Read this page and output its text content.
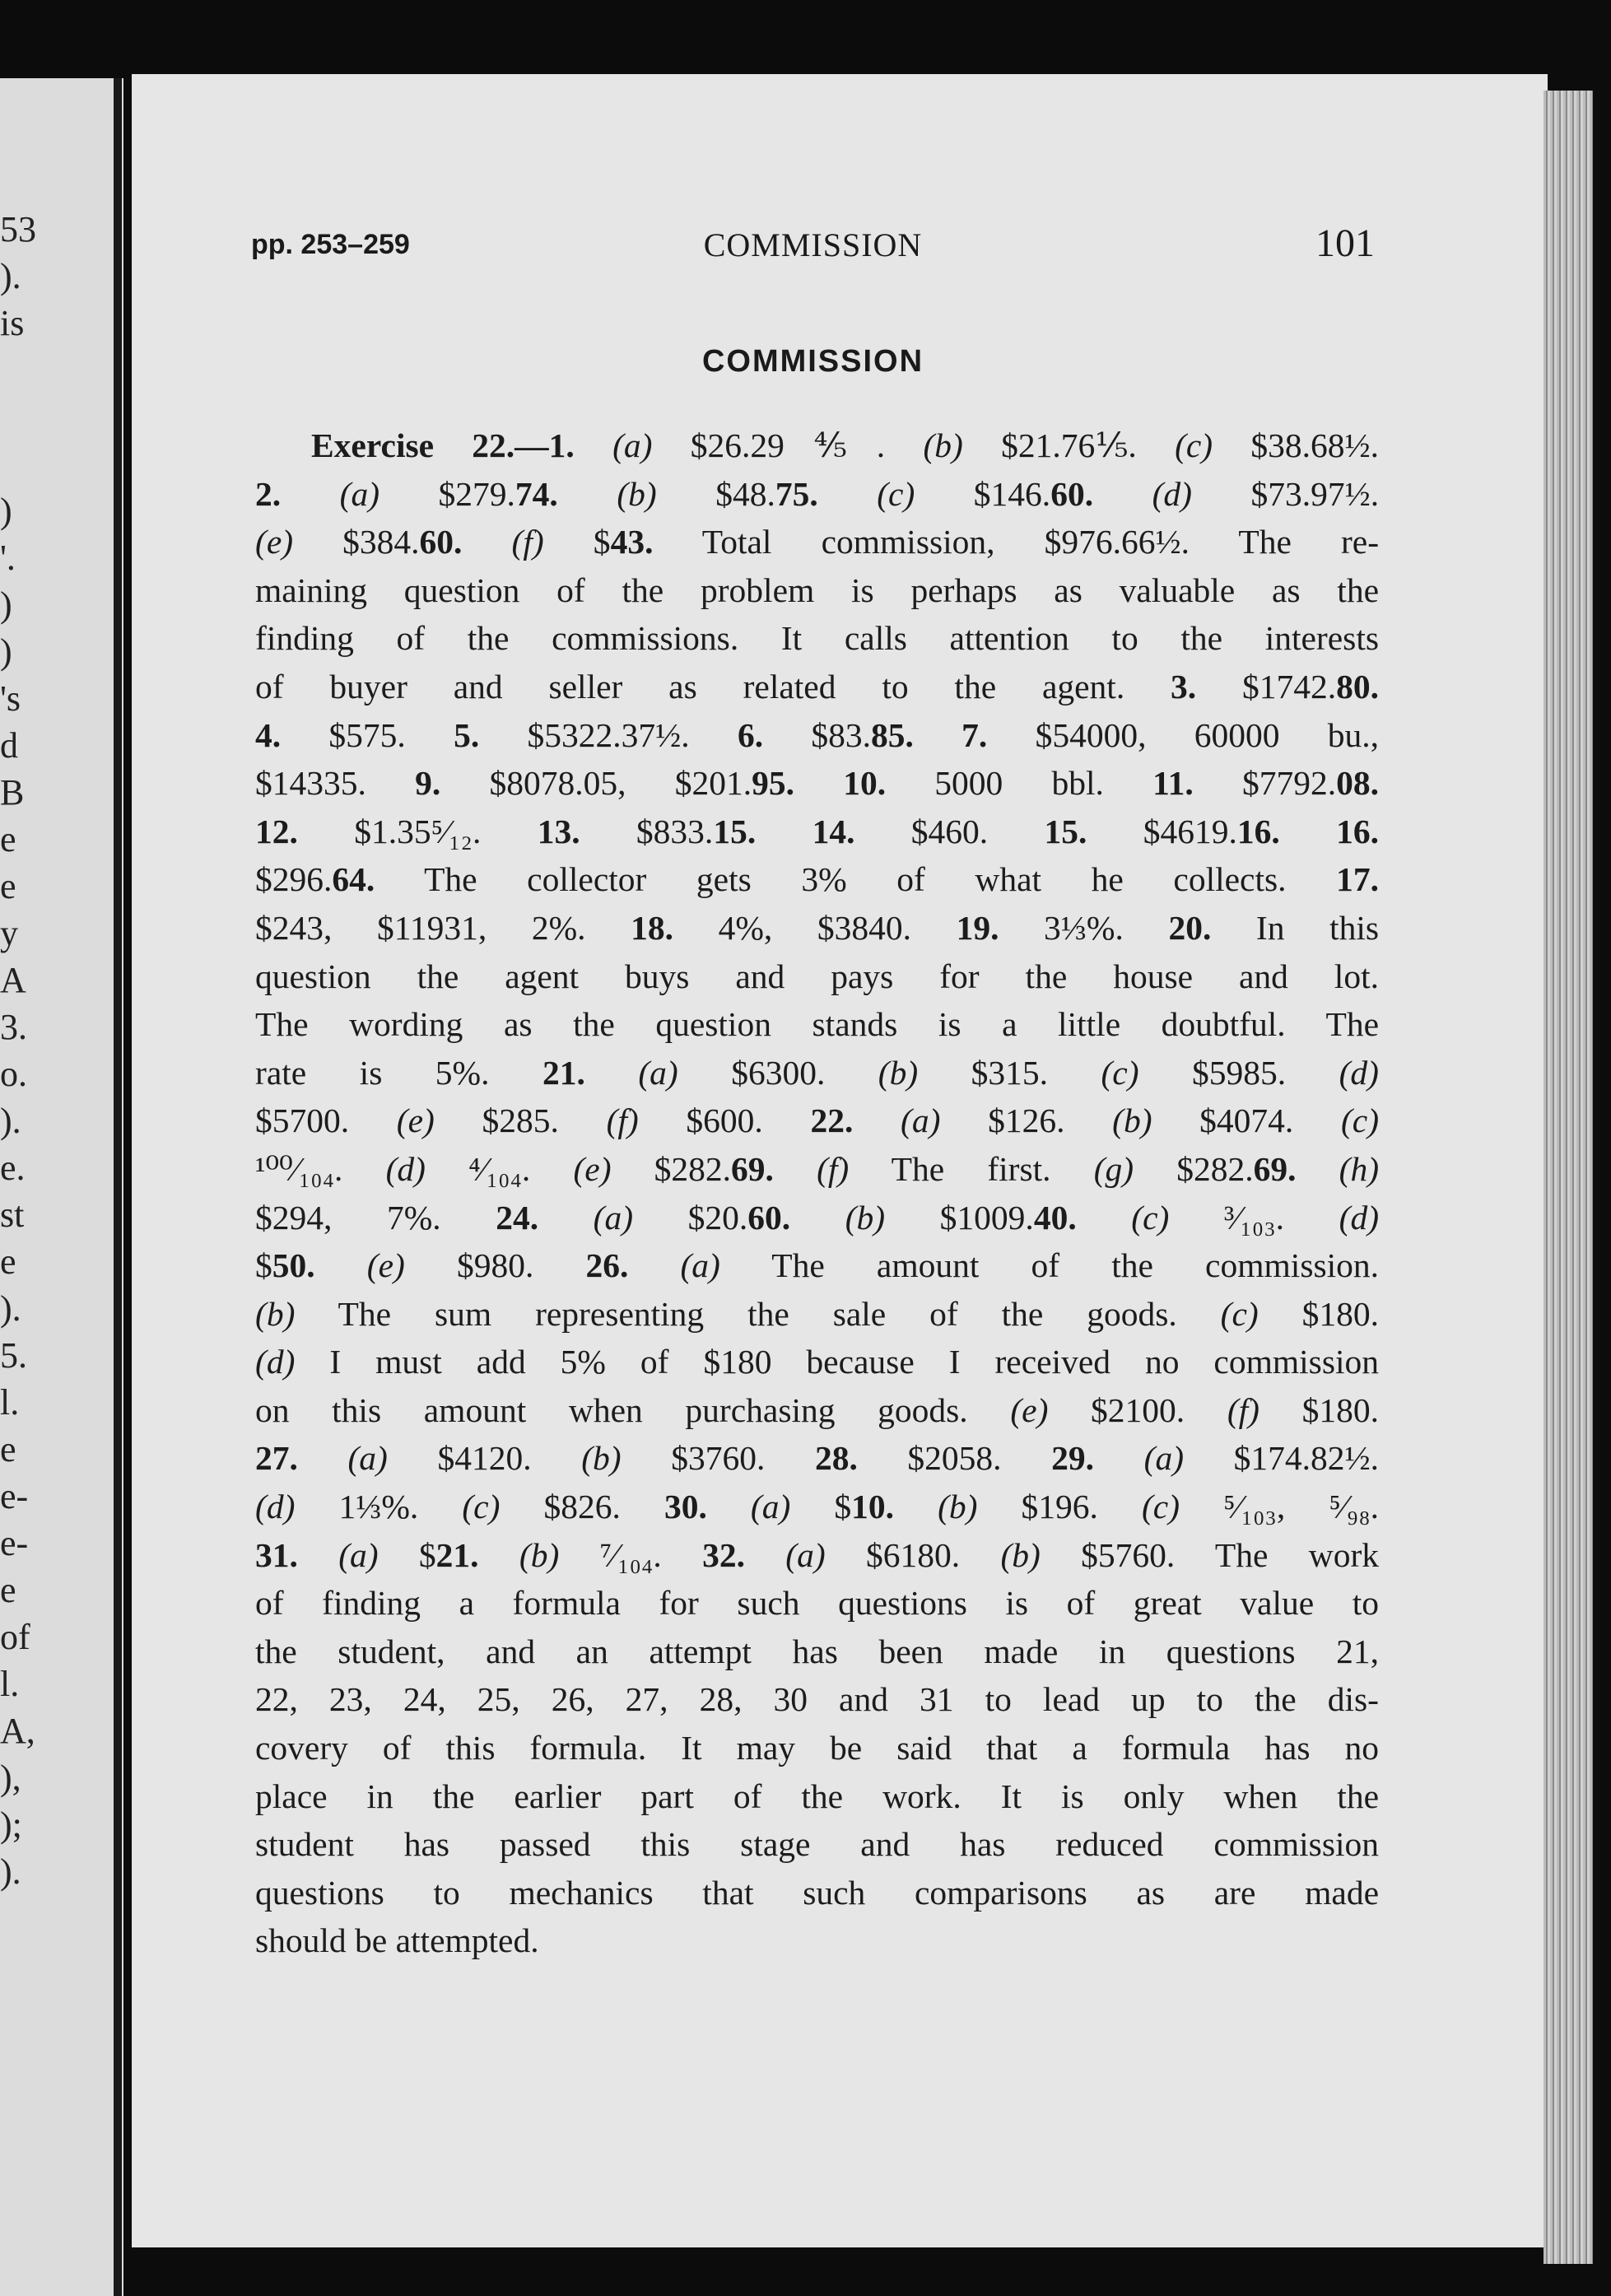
53
).
is
)
'.
)
)
's
d
B
e
e
y
A
3.
o.
).
e.
st
e
).
5.
l.
e
e-
e-
e
of
l.
A,
),
);
).
pp. 253–259	COMMISSION	101
COMMISSION
Exercise 22.—1. (a) $26.29⅘. (b) $21.76⅕. (c) $38.68½.
2. (a) $279.74. (b) $48.75. (c) $146.60. (d) $73.97½.
(e) $384.60. (f) $43. Total commission, $976.66½. The re-
maining question of the problem is perhaps as valuable as the
finding of the commissions. It calls attention to the interests
of buyer and seller as related to the agent. 3. $1742.80.
4. $575. 5. $5322.37½. 6. $83.85. 7. $54000, 60000 bu.,
$14335. 9. $8078.05, $201.95. 10. 5000 bbl. 11. $7792.08.
12. $1.35⁵⁄₁₂. 13. $833.15. 14. $460. 15. $4619.16. 16.
$296.64. The collector gets 3% of what he collects. 17.
$243, $11931, 2%. 18. 4%, $3840. 19. 3⅓%. 20. In this
question the agent buys and pays for the house and lot.
The wording as the question stands is a little doubtful. The
rate is 5%. 21. (a) $6300. (b) $315. (c) $5985. (d)
$5700. (e) $285. (f) $600. 22. (a) $126. (b) $4074. (c)
¹⁰⁰⁄₁₀₄. (d) ⁴⁄₁₀₄. (e) $282.69. (f) The first. (g) $282.69. (h)
$294, 7%. 24. (a) $20.60. (b) $1009.40. (c) ³⁄₁₀₃. (d)
$50. (e) $980. 26. (a) The amount of the commission.
(b) The sum representing the sale of the goods. (c) $180.
(d) I must add 5% of $180 because I received no commission
on this amount when purchasing goods. (e) $2100. (f) $180.
27. (a) $4120. (b) $3760. 28. $2058. 29. (a) $174.82½.
(d) 1⅓%. (c) $826. 30. (a) $10. (b) $196. (c) ⁵⁄₁₀₃, ⁵⁄₉₈.
31. (a) $21. (b) ⁷⁄₁₀₄. 32. (a) $6180. (b) $5760. The work
of finding a formula for such questions is of great value to
the student, and an attempt has been made in questions 21,
22, 23, 24, 25, 26, 27, 28, 30 and 31 to lead up to the dis-
covery of this formula. It may be said that a formula has no
place in the earlier part of the work. It is only when the
student has passed this stage and has reduced commission
questions to mechanics that such comparisons as are made
should be attempted.
